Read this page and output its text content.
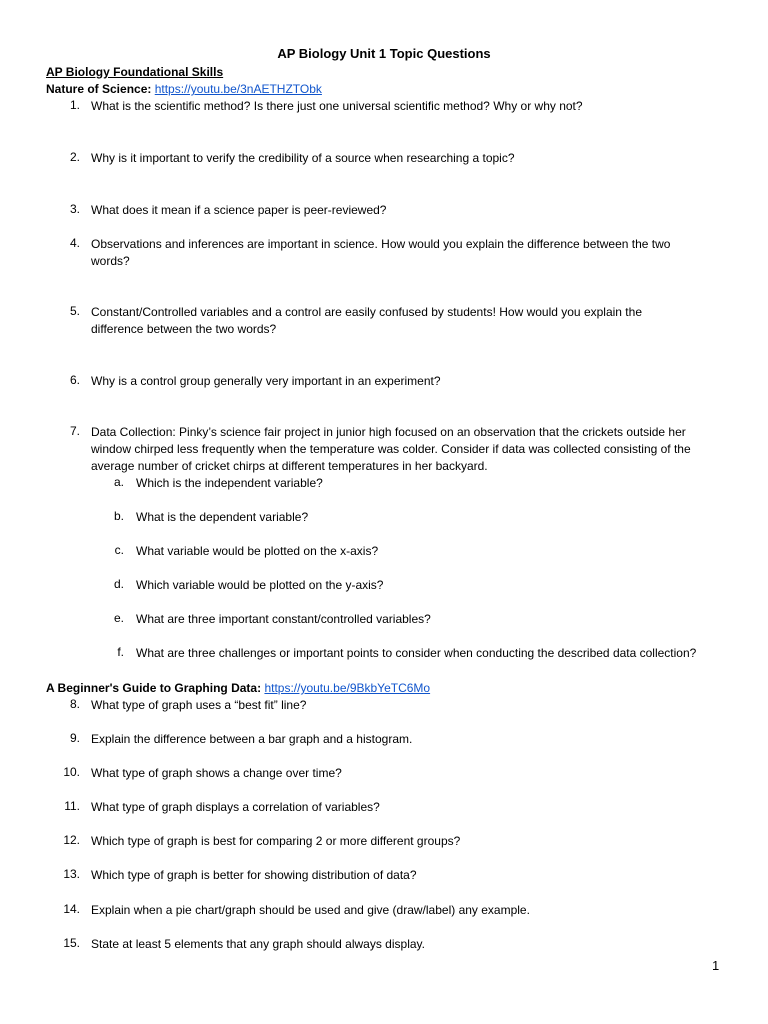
AP Biology Unit 1 Topic Questions
AP Biology Foundational Skills
Nature of Science: https://youtu.be/3nAETHZTObk
1. What is the scientific method? Is there just one universal scientific method? Why or why not?
2. Why is it important to verify the credibility of a source when researching a topic?
3. What does it mean if a science paper is peer-reviewed?
4. Observations and inferences are important in science. How would you explain the difference between the two
words?
5. Constant/Controlled variables and a control are easily confused by students! How would you explain the
difference between the two words?
6. Why is a control group generally very important in an experiment?
7. Data Collection: Pinky’s science fair project in junior high focused on an observation that the crickets outside her
window chirped less frequently when the temperature was colder. Consider if data was collected consisting of the
average number of cricket chirps at different temperatures in her backyard.
a. Which is the independent variable?
b. What is the dependent variable?
c. What variable would be plotted on the x-axis?
d. Which variable would be plotted on the y-axis?
e. What are three important constant/controlled variables?
f. What are three challenges or important points to consider when conducting the described data collection?
A Beginner's Guide to Graphing Data: https://youtu.be/9BkbYeTC6Mo
8. What type of graph uses a “best fit” line?
9. Explain the difference between a bar graph and a histogram.
10. What type of graph shows a change over time?
11. What type of graph displays a correlation of variables?
12. Which type of graph is best for comparing 2 or more different groups?
13. Which type of graph is better for showing distribution of data?
14. Explain when a pie chart/graph should be used and give (draw/label) any example.
15. State at least 5 elements that any graph should always display.
1
